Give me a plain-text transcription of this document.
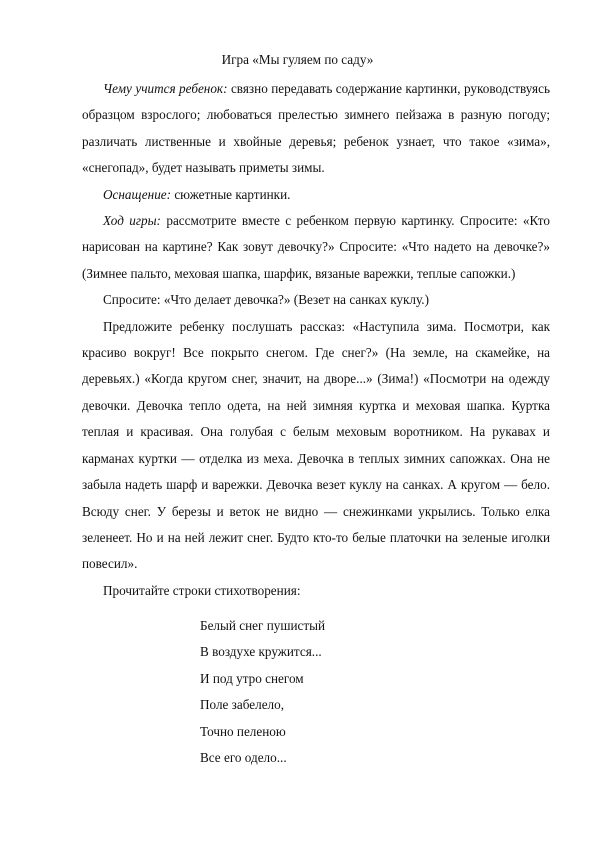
Игра «Мы гуляем по саду»

Чему учится ребенок: связно передавать содержание картинки, руководствуясь образцом взрослого; любоваться прелестью зимнего пейзажа в разную погоду; различать лиственные и хвойные деревья; ребенок узнает, что такое «зима», «снегопад», будет называть приметы зимы.

Оснащение: сюжетные картинки.

Ход игры: рассмотрите вместе с ребенком первую картинку. Спросите: «Кто нарисован на картине? Как зовут девочку?» Спросите: «Что надето на девочке?» (Зимнее пальто, меховая шапка, шарфик, вязаные варежки, теплые сапожки.)

Спросите: «Что делает девочка?» (Везет на санках куклу.)

Предложите ребенку послушать рассказ: «Наступила зима. Посмотри, как красиво вокруг! Все покрыто снегом. Где снег?» (На земле, на скамейке, на деревьях.) «Когда кругом снег, значит, на дворе...» (Зима!) «Посмотри на одежду девочки. Девочка тепло одета, на ней зимняя куртка и меховая шапка. Куртка теплая и красивая. Она голубая с белым меховым воротником. На рукавах и карманах куртки — отделка из меха. Девочка в теплых зимних сапожках. Она не забыла надеть шарф и варежки. Девочка везет куклу на санках. А кругом — бело. Всюду снег. У березы и веток не видно — снежинками укрылись. Только елка зеленеет. Но и на ней лежит снег. Будто кто-то белые платочки на зеленые иголки повесил».

Прочитайте строки стихотворения:

Белый снег пушистый
В воздухе кружится...
И под утро снегом
Поле забелело,
Точно пеленою
Все его одело...
